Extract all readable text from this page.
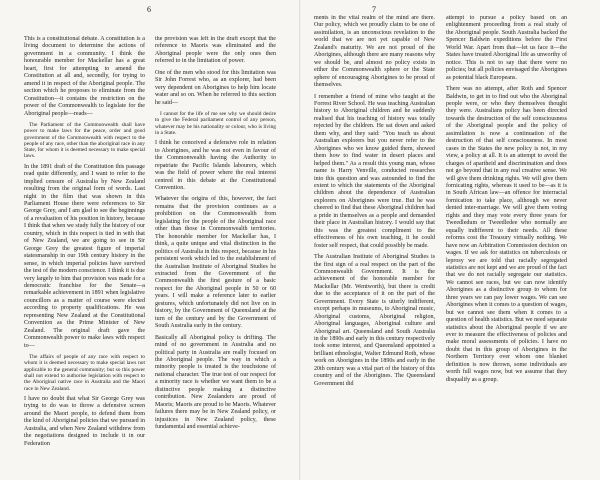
6

This is a constitutional debate. A constitution is a living document to determine the actions of government in a community. I think the honourable member for Mackellar has a great heart, first for attempting to amend the Constitution at all and, secondly, for trying to amend it in respect of the Aboriginal people. The section which he proposes to eliminate from the Constitution—it contains the restriction on the power of the Commonwealth to legislate for the Aboriginal people—reads—

The Parliament of the Commonwealth shall have power to make laws for the peace, order and good government of the Commonwealth with respect to the people of any race, other than the aboriginal race in any State, for whom it is deemed necessary to make special laws.

In the 1891 draft of the Constitution this passage read quite differently, and I want to refer to the implied censure of Australia by New Zealand resulting from the original form of words. Last night in the film that was shown in this Parliament House there were references to Sir George Grey, and I am glad to see the beginnings of a revaluation of his position in history, because I think that when we study fully the history of our country, which in this respect is tied in with that of New Zealand, we are going to see in Sir George Grey the greatest figure of imperial statesmanship in our 19th century history in the sense, in which imperial policies have survived the test of the modern conscience. I think it is due very largely to him that provision was made for a democratic franchise for the Senate—a remarkable achievement in 1891 when legislative councillors as a matter of course were elected according to property qualifications. He was representing New Zealand at the Constitutional Convention as the Prime Minister of New Zealand. The original draft gave the Commonwealth power to make laws with respect to—

The affairs of people of any race with respect to whom it is deemed necessary to make special laws not applicable to the general community; but so this power shall not extend to authorise legislation with respect to the Aboriginal native race in Australia and the Maori race in New Zealand.

I have no doubt that what Sir George Grey was trying to do was to throw a defensive screen around the Maori people, to defend them from the kind of Aboriginal policies that we pursued in Australia, and when New Zealand withdrew from the negotiations designed to include it in our Federation

the provision was left in the draft except that the reference to Maoris was eliminated and the Aboriginal people were the only ones then referred to in the limitation of power.

One of the men who stood for this limitation was Sir John Forrest who, as an explorer, had been very dependent on Aborigines to help him locate water and so on. When he referred to this section he said—

I cannot for the life of me see why we should desire to give the Federal parliament control of any person, whatever may be his nationality or colour, who is living in a State.

I think he conceived a defensive role in relation to Aborigines, and he was not even in favour of the Commonwealth having the Authority to repatriate the Pacific Islands labourers, which was the field of power where the real interest centred in this debate at the Constitutional Convention.

Whatever the origins of this, however, the fact remains that the provision continues as a prohibition on the Commonwealth from legislating for the people of the Aboriginal race other than those in Commonwealth territories. The honorable member for Mackellar has, I think, a quite unique and vital distinction in the politics of Australia in this respect, because in his persistent work which led to the establishment of the Australian Institute of Aboriginal Studies he extracted from the Government of the Commonwealth the first gesture of a basic respect for the Aboriginal people in 50 or 60 years. I will make a reference later to earlier gestures, which unfortunately did not live on in history, by the Government of Queensland at the turn of the century and by the Government of South Australia early in the century.

Basically all Aboriginal policy is drifting. The mind of no government in Australia and no political party in Australia are really focused on the Aboriginal people. The way in which a minority people is treated is the touchstone of national character. The true test of our respect for a minority race is whether we want them to be a distinctive people making a distinctive contribution. New Zealanders are proud of Maoris; Maoris are proud to be Maoris. Whatever failures there may be in New Zealand policy, or injustices in New Zealand policy, these fundamental and essential achieve-

7

ments in the vital realm of the mind are there. Our policy, which we proudly claim to be one of assimilation, is an unconscious revelation to the world that we are not yet capable of New Zealand's maturity. We are not proud of the Aborigines, although there are many reasons why we should be, and almost no policy exists in either the Commonwealth sphere or the State sphere of encouraging Aborigines to be proud of themselves.

I remember a friend of mine who taught at the Forrest River School. He was teaching Australian history to Aboriginal children and he suddenly realised that his teaching of history was totally rejected by the children. He sat down and asked them why, and they said: "You teach us about Australian explorers but you never refer to the Aborigines who we know guided them, showed them how to find water in desert places and helped them." As a result this young man, whose name is Harry Venville, conducted researches into this question and was astounded to find the extent to which the statements of the Aboriginal children about the dependence of Australian explorers on Aborigines were true. But he was cheered to find that these Aboriginal children had a pride in themselves as a people and demanded their place in Australian history. I would say that this was the greatest compliment to the effectiveness of his own teaching, it he could foster self respect, that could possibly be made.

The Australian Institute of Aboriginal Studies is the first sign of a real respect on the part of the Commonwealth Government. It is the achievement of the honorable member for Mackellar (Mr. Wentworth), but there is credit due to the acceptance of it on the part of the Government. Every State is utterly indifferent, except perhaps in museums, to Aboriginal music, Aboriginal customs, Aboriginal religion, Aboriginal languages, Aboriginal culture and Aboriginal art. Queensland and South Australia in the 1890s and early in this century respectively took some interest, and Queensland appointed a brilliant ethnologist, Walter Edmund Roth, whose work on Aborigines in the 1890s and early in the 20th century was a vital part of the history of this country and of the Aborigines. The Queensland Government did

attempt to pursue a policy based on an enlightenment proceeding from a real study of the Aboriginal people. South Australia backed the Spencer Baldwin expeditions before the First World War. Apart from that—let us face it—the States have treated Aboriginal life as unworthy of notice. This is not to say that there were no policies; but all policies envisaged the Aborigines as potential black Europeans.

There was no attempt, after Roth and Spencer Baldwin, to get in to find out who the Aboriginal people were, or who they themselves thought they were. Australians policy has been directed towards the destruction of the self consciousness of the Aboriginal people and the policy of assimilation is now a continuation of the destruction of that self consciousness. In most cases in the States the new policy is not, in my view, a policy at all. It is an attempt to avoid the charges of apartheid and discrimination and does not go beyond that in any real creative sense. We will give them drinking rights. We will give them fornicating rights, whereas it used to be—as it is in South African law—an offence for interracial fornication to take place, although we never denied inter-marriage. We will give them voting rights and they may vote every three years for Tweedledum or Tweedledee who normally are equally indifferent to their needs. All these reforms cost the Treasury virtually nothing. We have now an Arbitration Commission decision on wages. If we ask for statistics on tuberculosis or leprosy we are told that racially segregated statistics are not kept and we are proud of the fact that we do not racially segregate our statistics. We cannot see races, but we can now identify Aborigines as a distinctive group to whom for three years we can pay lower wages. We can see Aborigines when it comes to a question of wages, but we cannot see them when it comes to a question of health statistics. But we need separate statistics about the Aboriginal people if we are ever to measure the effectiveness of policies and make moral assessments of policies. I have no doubt that in this group of Aborigines in the Northern Territory over whom one blanket definition is now thrown, some individuals are worth full wages now, but we assume that they disqualify as a group.
